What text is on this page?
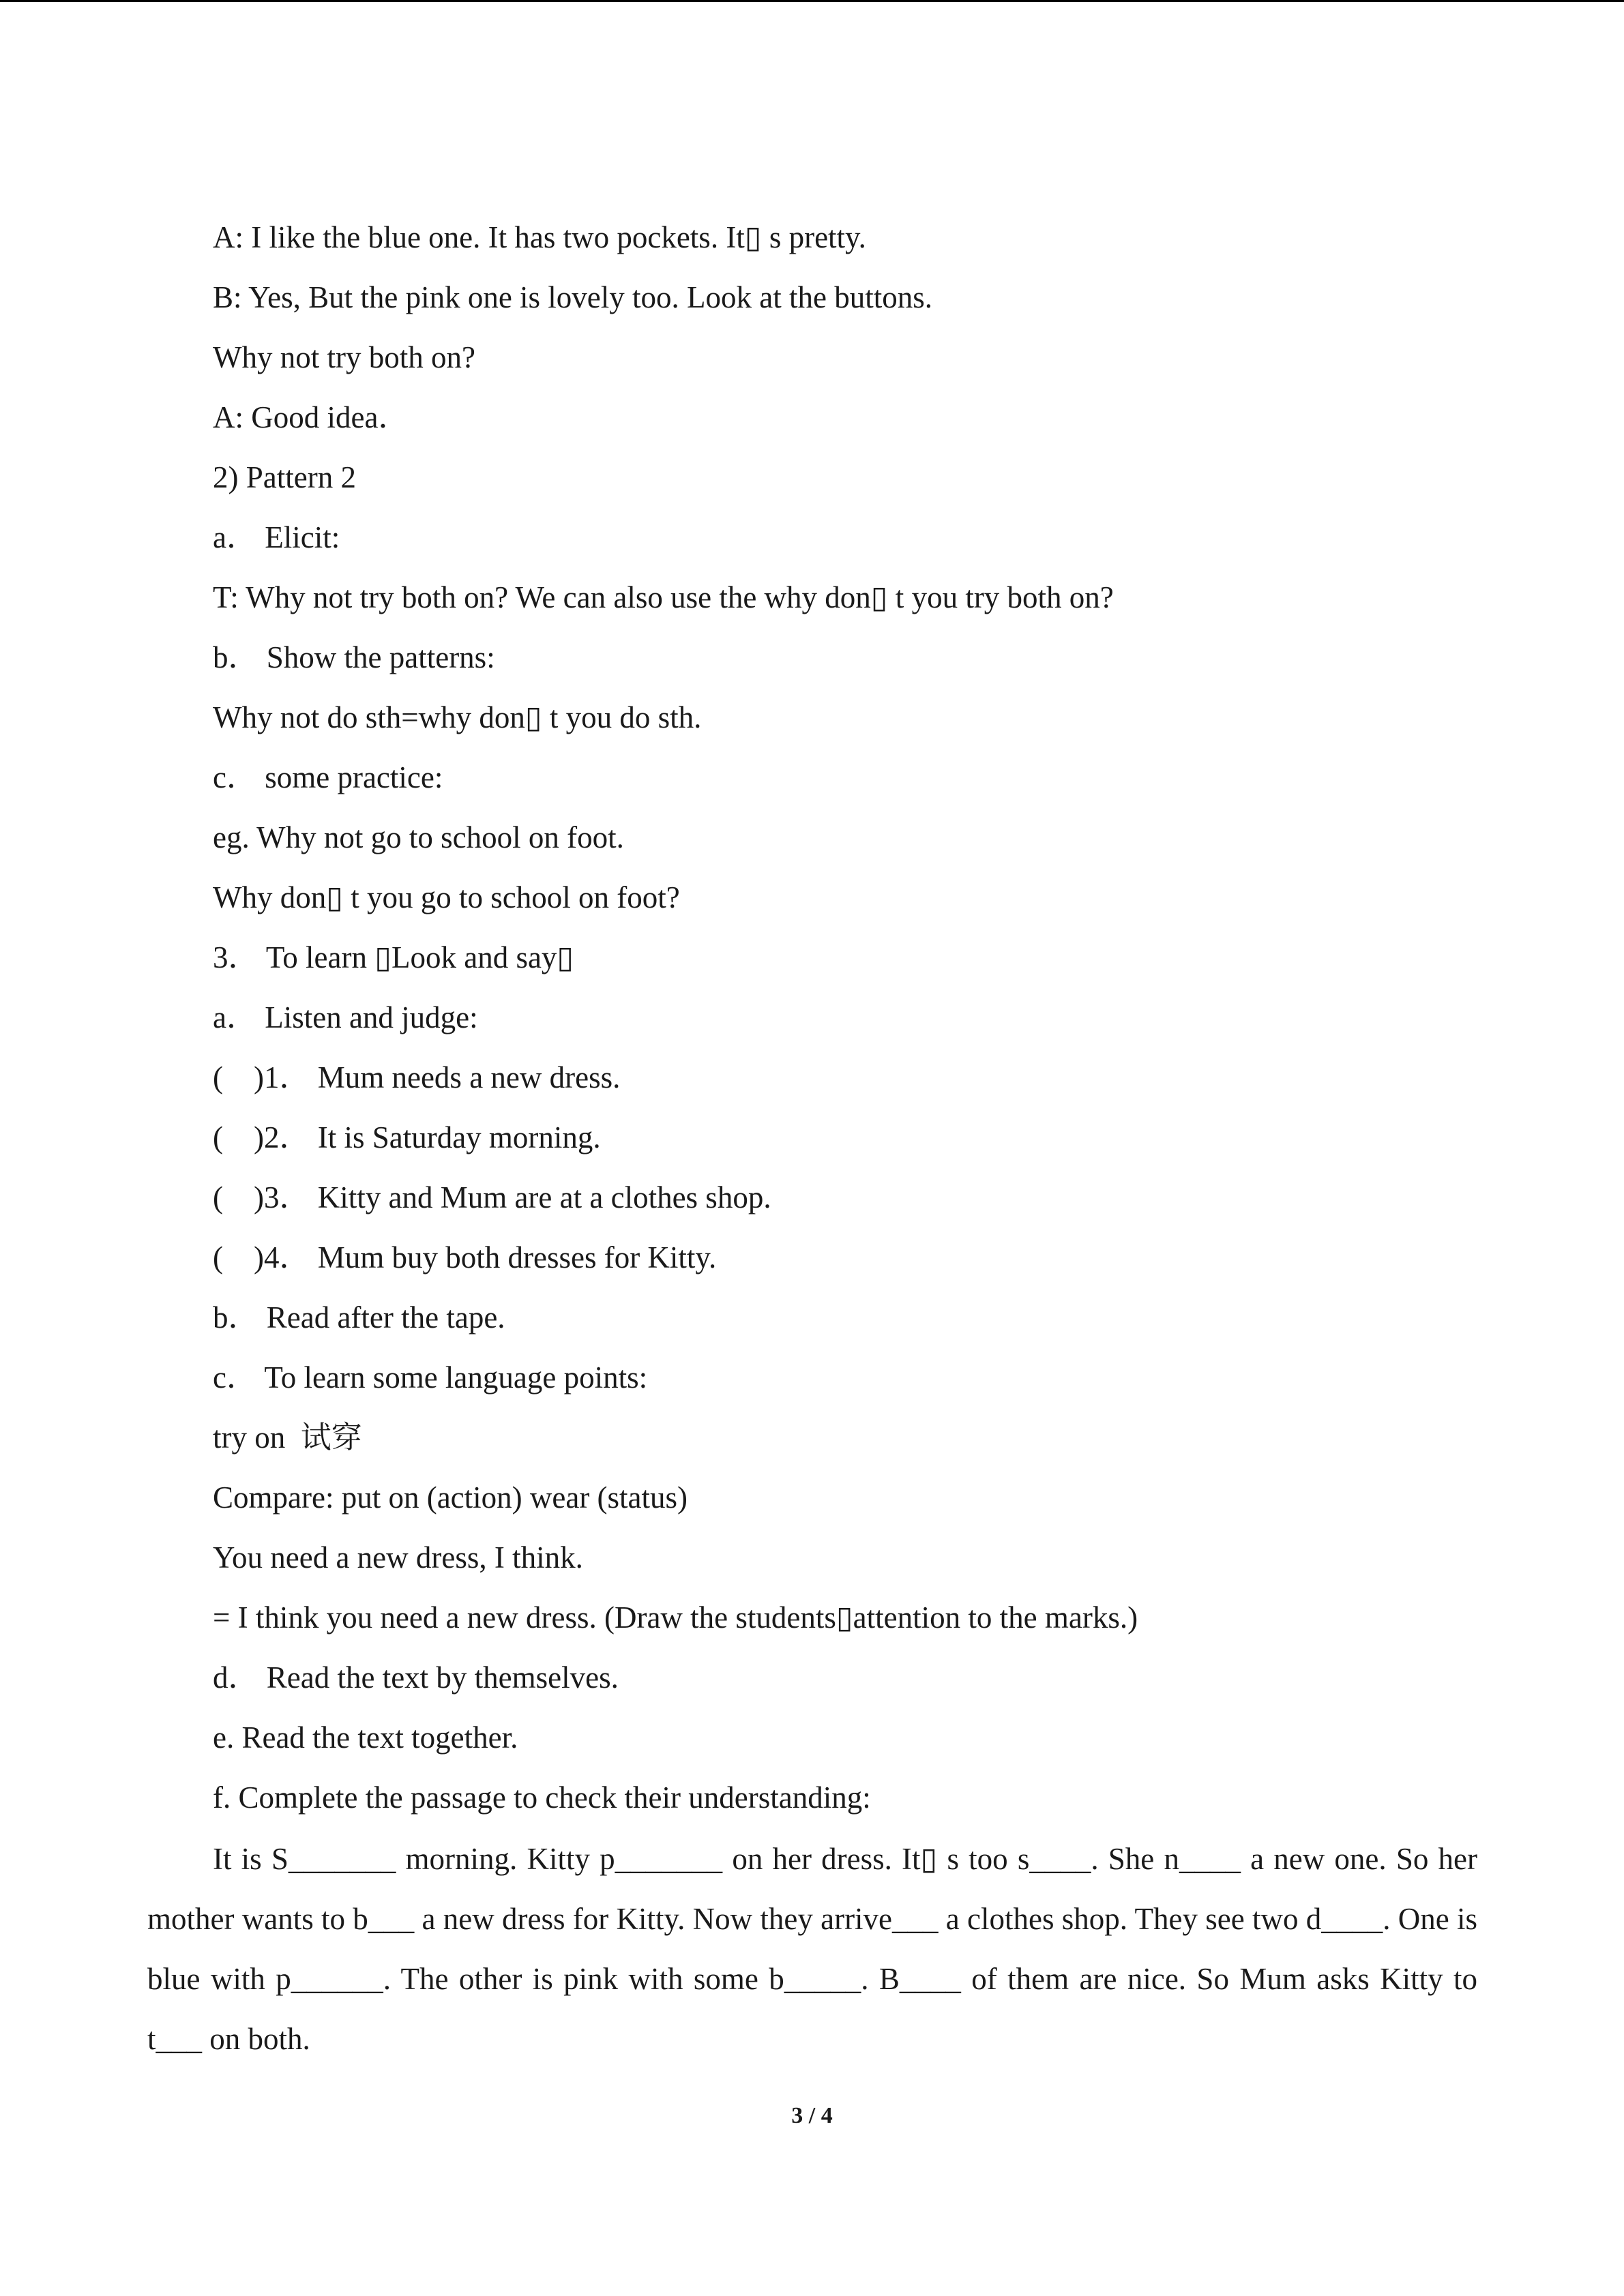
A: I like the blue one. It has two pockets. It▯ s pretty.
B: Yes, But the pink one is lovely too. Look at the buttons.
Why not try both on?
A: Good idea．
2) Pattern 2
a． Elicit:
T: Why not try both on? We can also use the why don▯ t you try both on?
b． Show the patterns:
Why not do sth=why don▯ t you do sth.
c． some practice:
eg. Why not go to school on foot.
Why don▯ t you go to school on foot?
3． To learn ▯Look and say▯
a． Listen and judge:
(    )1． Mum needs a new dress.
(    )2． It is Saturday morning.
(    )3． Kitty and Mum are at a clothes shop.
(    )4． Mum buy both dresses for Kitty.
b． Read after the tape.
c． To learn some language points:
try on  试穿
Compare: put on (action) wear (status)
You need a new dress, I think.
= I think you need a new dress. (Draw the students▯attention to the marks.)
d． Read the text by themselves.
e. Read the text together.
f. Complete the passage to check their understanding:
It is S_______ morning. Kitty p_______ on her dress. It▯ s too s____. She n____ a new one. So her mother wants to b___ a new dress for Kitty. Now they arrive___ a clothes shop. They see two d____. One is blue with p______. The other is pink with some b_____. B____ of them are nice. So Mum asks Kitty to t___ on both.
3 / 4
